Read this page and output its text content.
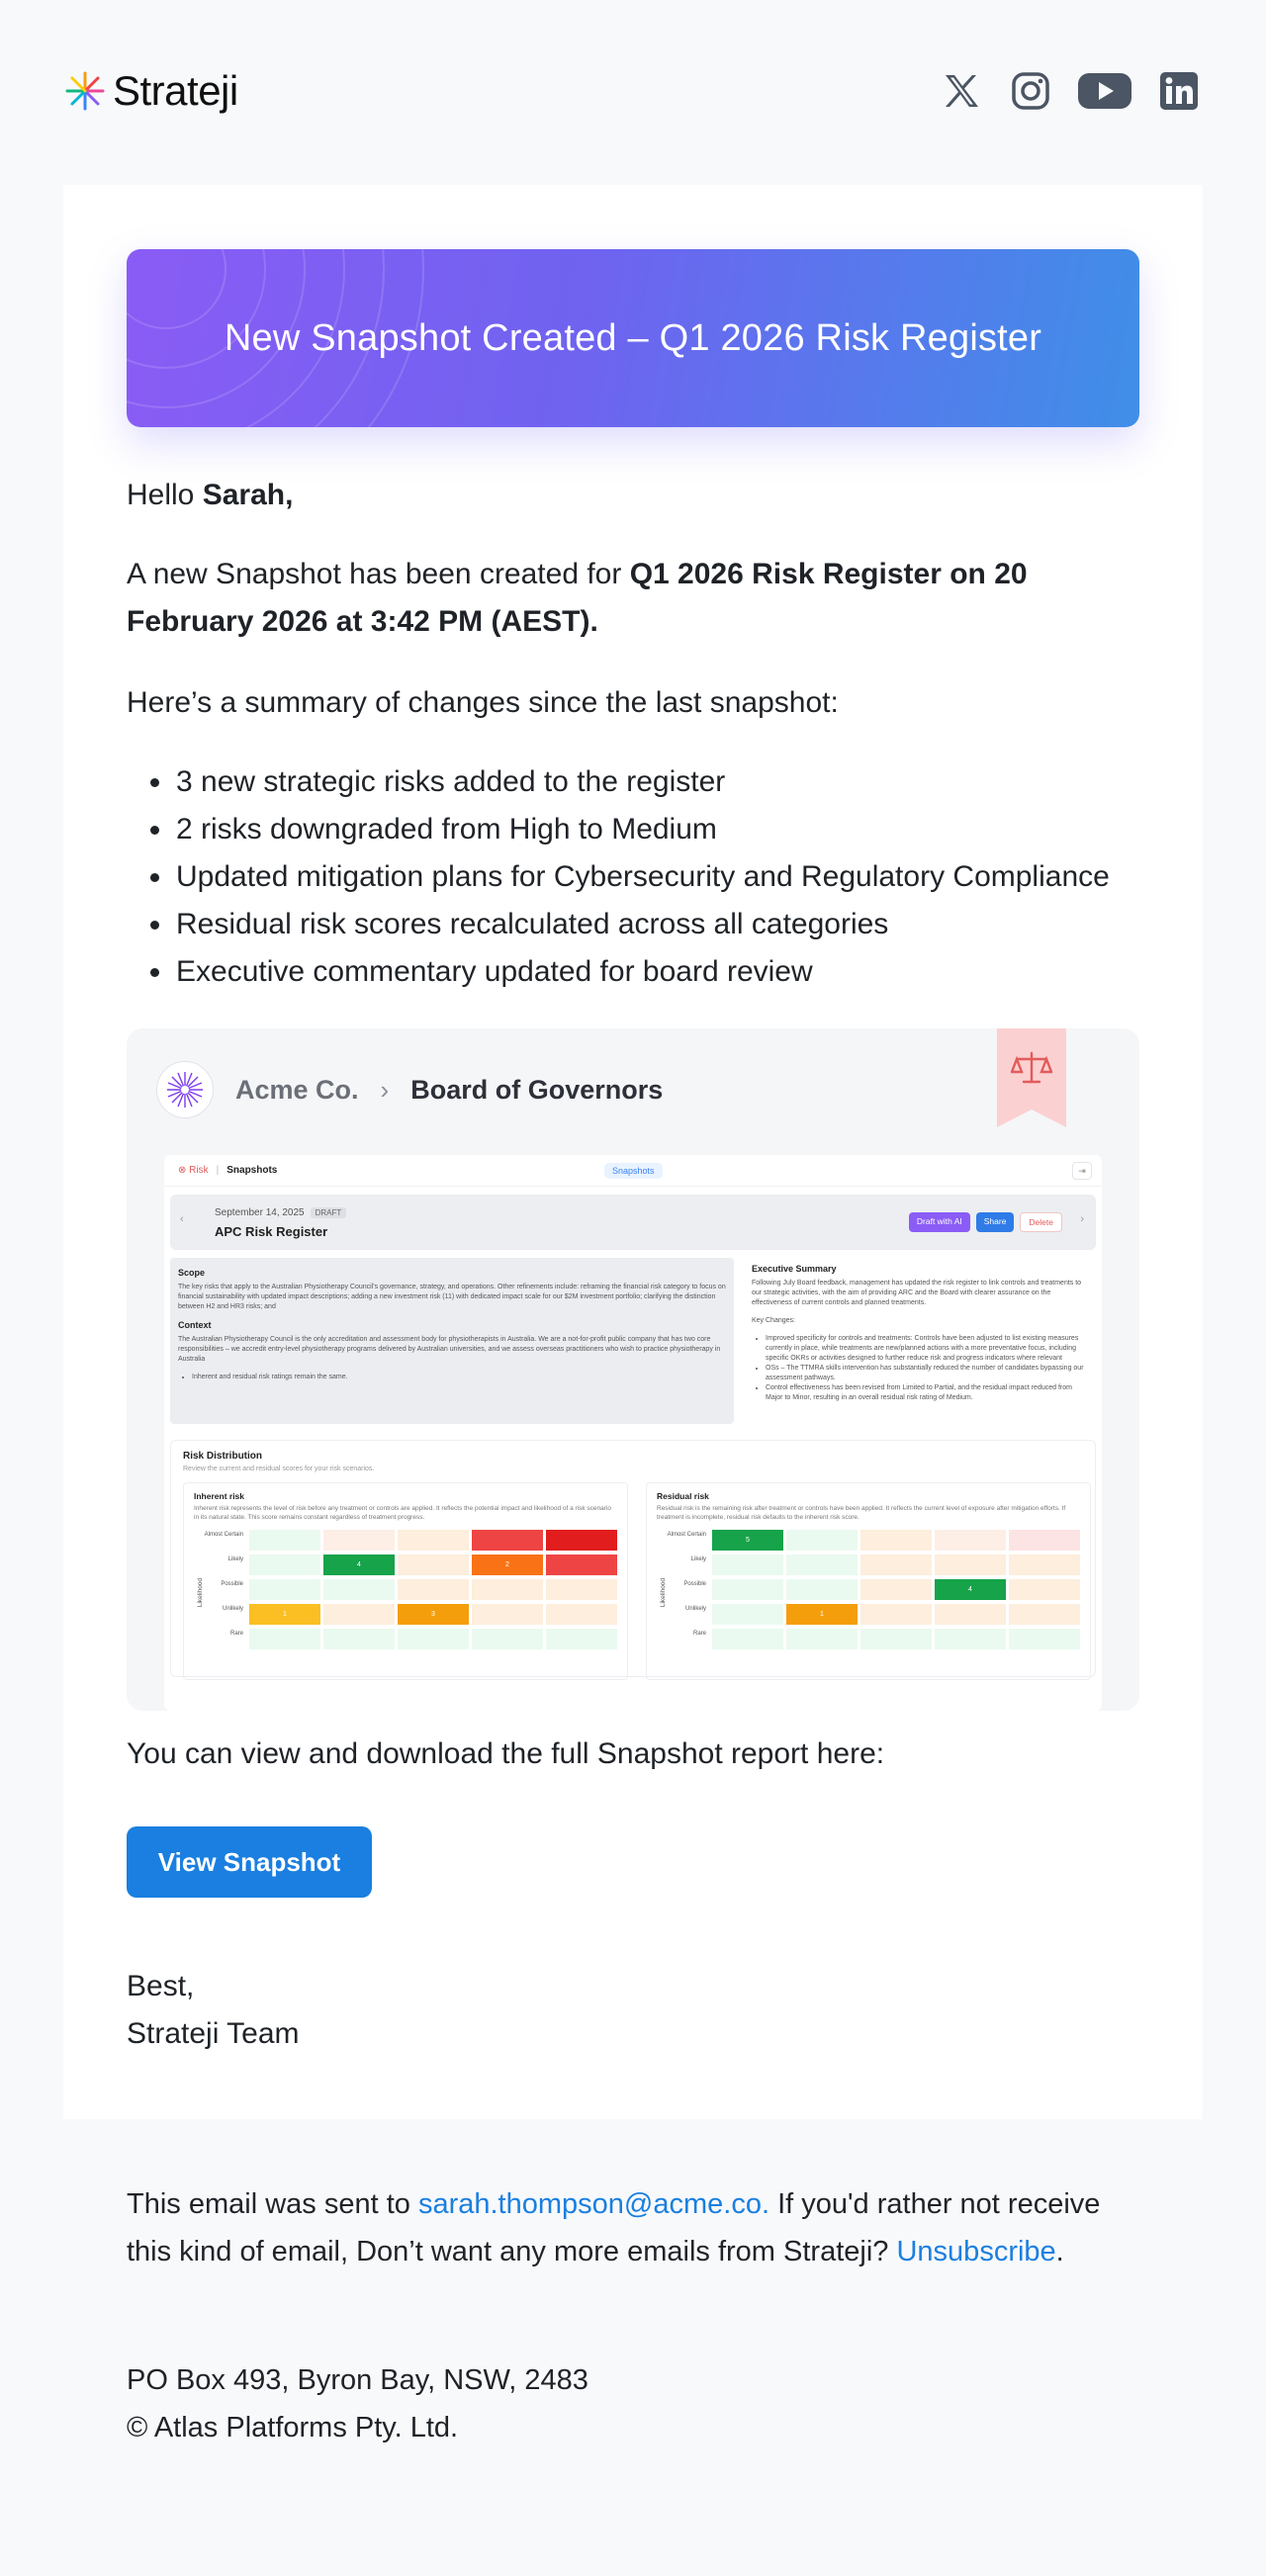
Strateji
New Snapshot Created – Q1 2026 Risk Register

Hello Sarah,

A new Snapshot has been created for Q1 2026 Risk Register on 20 February 2026 at 3:42 PM (AEST).

Here’s a summary of changes since the last snapshot:

• 3 new strategic risks added to the register
• 2 risks downgraded from High to Medium
• Updated mitigation plans for Cybersecurity and Regulatory Compliance
• Residual risk scores recalculated across all categories
• Executive commentary updated for board review
Acme Co. › Board of Governors
⊗ Risk | Snapshots	Snapshots	⇥
‹
September 14, 2025 DRAFT
APC Risk Register
Draft with AI	Share	Delete	›
Scope

The key risks that apply to the Australian Physiotherapy Council's governance, strategy, and operations. Other refinements include: reframing the financial risk category to focus on financial sustainability with updated impact descriptions; adding a new investment risk (11) with dedicated impact scale for our $2M investment portfolio; clarifying the distinction between H2 and HR3 risks; and

Context

The Australian Physiotherapy Council is the only accreditation and assessment body for physiotherapists in Australia. We are a not-for-profit public company that has two core responsibilities – we accredit entry-level physiotherapy programs delivered by Australian universities, and we assess overseas practitioners who wish to practice physiotherapy in Australia

• Inherent and residual risk ratings remain the same.
Executive Summary

Following July Board feedback, management has updated the risk register to link controls and treatments to our strategic activities, with the aim of providing ARC and the Board with clearer assurance on the effectiveness of current controls and planned treatments.

Key Changes:

• Improved specificity for controls and treatments: Controls have been adjusted to list existing measures currently in place, while treatments are new/planned actions with a more preventative focus, including specific OKRs or activities designed to further reduce risk and progress indicators where relevant
• OSs – The TTMRA skills intervention has substantially reduced the number of candidates bypassing our assessment pathways.
• Control effectiveness has been revised from Limited to Partial, and the residual impact reduced from Major to Minor, resulting in an overall residual risk rating of Medium.
Risk Distribution
Review the current and residual scores for your risk scenarios.
Inherent risk

Inherent risk represents the level of risk before any treatment or controls are applied. It reflects the potential impact and likelihood of a risk scenario in its natural state. This score remains constant regardless of treatment progress.

Likelihood
Almost Certain
Likely
Possible
Unlikely
Rare
4	2
1	3
Residual risk

Residual risk is the remaining risk after treatment or controls have been applied. It reflects the current level of exposure after mitigation efforts. If treatment is incomplete, residual risk defaults to the inherent risk score.

Likelihood
Almost Certain
Likely
Possible
Unlikely
Rare
5
4
1

You can view and download the full Snapshot report here:

View Snapshot

Best,
Strateji Team

This email was sent to sarah.thompson@acme.co. If you'd rather not receive this kind of email, Don’t want any more emails from Strateji? Unsubscribe.

PO Box 493, Byron Bay, NSW, 2483
© Atlas Platforms Pty. Ltd.
